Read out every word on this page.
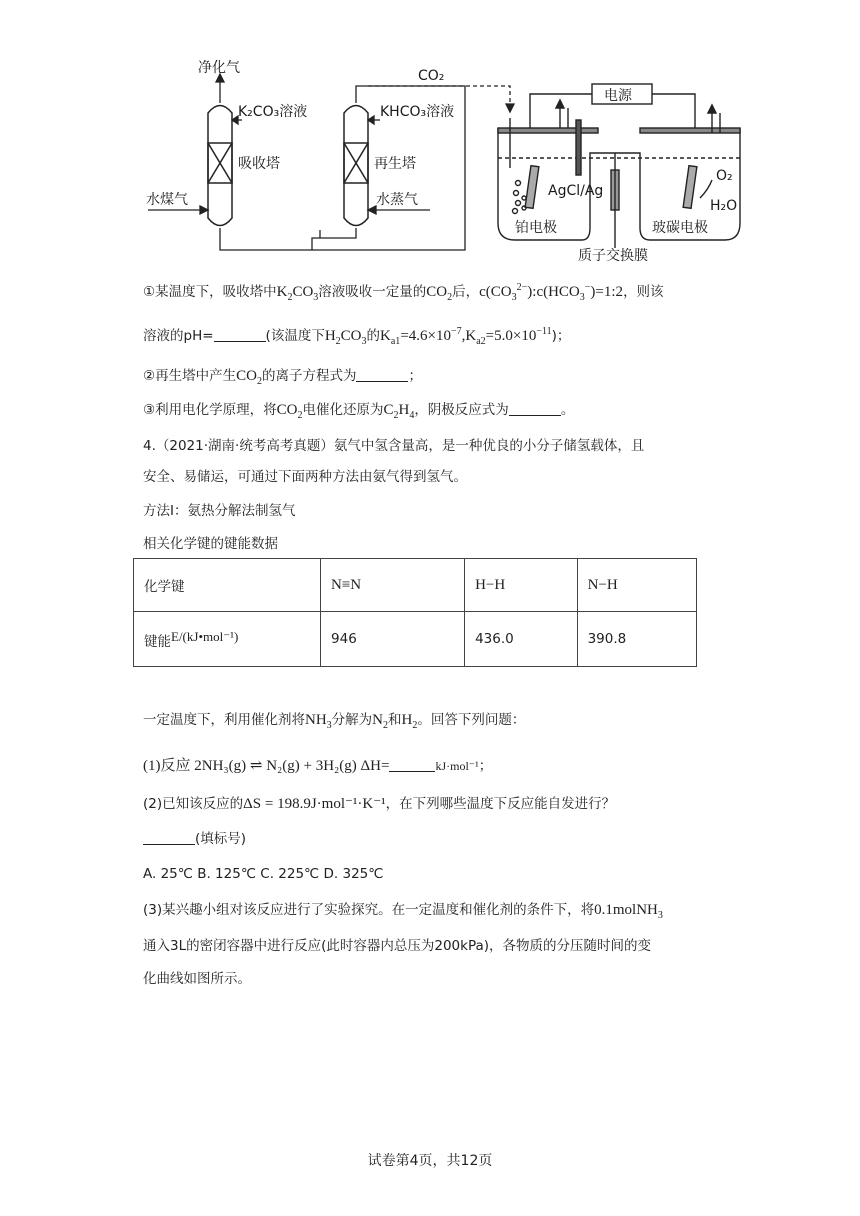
净化气
K₂CO₃溶液	KHCO₃溶液
CO₂
电源
吸收塔	再生塔
水煤气	水蒸气
AgCl/Ag
O₂
H₂O
铂电极	玻碳电极
质子交换膜
①某温度下，吸收塔中$K_2CO_3$溶液吸收一定量的$CO_2$后，$c(CO_3^{2-}):c(HCO_3^-)=1:2$，则该
溶液的pH=	(该温度下$H_2CO_3$的$K_{a1}=4.6\times 10^{-7},K_{a2}=5.0\times 10^{-11}$)；
②再生塔中产生$CO_2$的离子方程式为	；
③利用电化学原理，将$CO_2$电催化还原为$C_2H_4$，阴极反应式为	。
4.（2021·湖南·统考高考真题）氨气中氢含量高，是一种优良的小分子储氢载体，且
安全、易储运，可通过下面两种方法由氨气得到氢气。
方法Ⅰ：氨热分解法制氢气
相关化学键的键能数据
化学键	N≡N	H−H	N−H
键能E/(kJ•mol⁻¹)	946	436.0	390.8
一定温度下，利用催化剂将$NH_3$分解为$N_2$和$H_2$。回答下列问题：
(1)反应 2NH₃(g) ⇌ N₂(g) + 3H₂(g) ΔH=	kJ·mol⁻¹；
(2)已知该反应的ΔS = 198.9J·mol⁻¹·K⁻¹，在下列哪些温度下反应能自发进行？
(填标号)
A. 25℃ B. 125℃ C. 225℃ D. 325℃
(3)某兴趣小组对该反应进行了实验探究。在一定温度和催化剂的条件下，将0.1molNH$_3$
通入3L的密闭容器中进行反应(此时容器内总压为200kPa)，各物质的分压随时间的变
化曲线如图所示。
试卷第4页，共12页
